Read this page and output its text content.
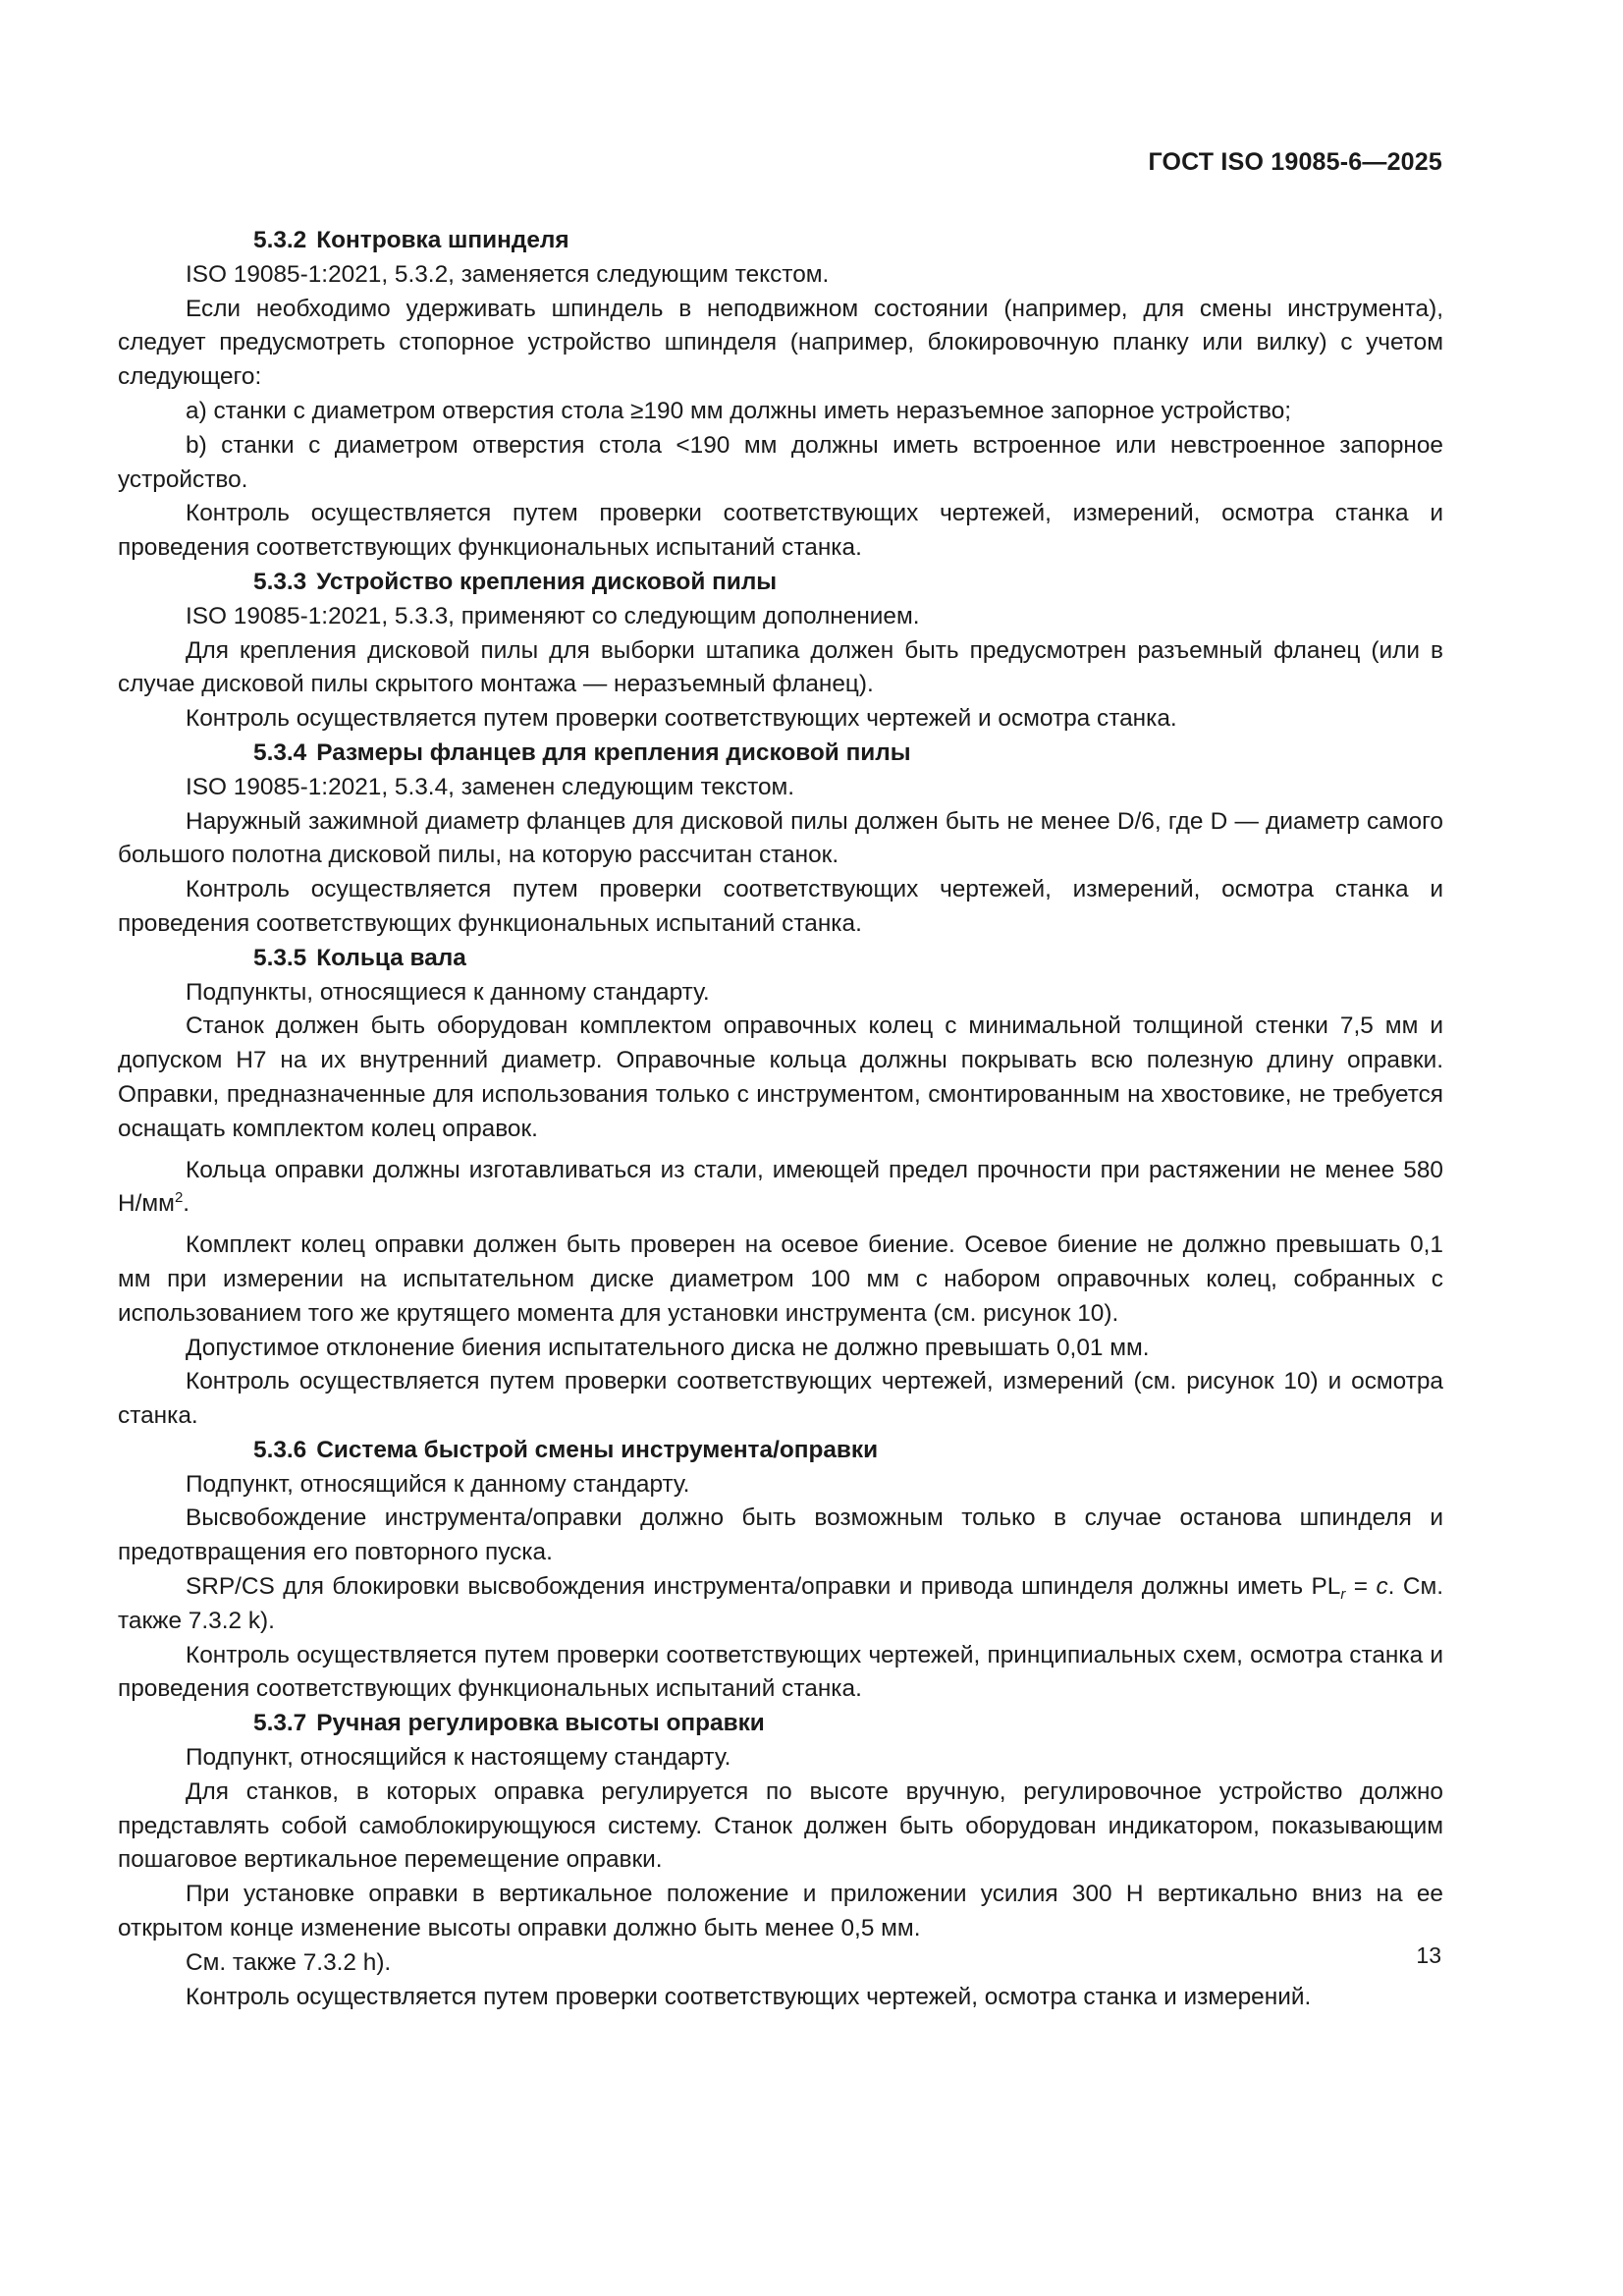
ГОСТ ISO 19085-6—2025

5.3.2 Контровка шпинделя

ISO 19085-1:2021, 5.3.2, заменяется следующим текстом.

Если необходимо удерживать шпиндель в неподвижном состоянии (например, для смены инструмента), следует предусмотреть стопорное устройство шпинделя (например, блокировочную планку или вилку) с учетом следующего:

a) станки с диаметром отверстия стола ≥190 мм должны иметь неразъемное запорное устройство;

b) станки с диаметром отверстия стола <190 мм должны иметь встроенное или невстроенное запорное устройство.

Контроль осуществляется путем проверки соответствующих чертежей, измерений, осмотра станка и проведения соответствующих функциональных испытаний станка.

5.3.3 Устройство крепления дисковой пилы

ISO 19085-1:2021, 5.3.3, применяют со следующим дополнением.

Для крепления дисковой пилы для выборки штапика должен быть предусмотрен разъемный фланец (или в случае дисковой пилы скрытого монтажа — неразъемный фланец).

Контроль осуществляется путем проверки соответствующих чертежей и осмотра станка.

5.3.4 Размеры фланцев для крепления дисковой пилы

ISO 19085-1:2021, 5.3.4, заменен следующим текстом.

Наружный зажимной диаметр фланцев для дисковой пилы должен быть не менее D/6, где D — диаметр самого большого полотна дисковой пилы, на которую рассчитан станок.

Контроль осуществляется путем проверки соответствующих чертежей, измерений, осмотра станка и проведения соответствующих функциональных испытаний станка.

5.3.5 Кольца вала

Подпункты, относящиеся к данному стандарту.

Станок должен быть оборудован комплектом оправочных колец с минимальной толщиной стенки 7,5 мм и допуском H7 на их внутренний диаметр. Оправочные кольца должны покрывать всю полезную длину оправки. Оправки, предназначенные для использования только с инструментом, смонтированным на хвостовике, не требуется оснащать комплектом колец оправок.

Кольца оправки должны изготавливаться из стали, имеющей предел прочности при растяжении не менее 580 $Н/мм^2$.

Комплект колец оправки должен быть проверен на осевое биение. Осевое биение не должно превышать 0,1 мм при измерении на испытательном диске диаметром 100 мм с набором оправочных колец, собранных с использованием того же крутящего момента для установки инструмента (см. рисунок 10).

Допустимое отклонение биения испытательного диска не должно превышать 0,01 мм.

Контроль осуществляется путем проверки соответствующих чертежей, измерений (см. рисунок 10) и осмотра станка.

5.3.6 Система быстрой смены инструмента/оправки

Подпункт, относящийся к данному стандарту.

Высвобождение инструмента/оправки должно быть возможным только в случае останова шпинделя и предотвращения его повторного пуска.

SRP/CS для блокировки высвобождения инструмента/оправки и привода шпинделя должны иметь $PL_r = c$. См. также 7.3.2 k).

Контроль осуществляется путем проверки соответствующих чертежей, принципиальных схем, осмотра станка и проведения соответствующих функциональных испытаний станка.

5.3.7 Ручная регулировка высоты оправки

Подпункт, относящийся к настоящему стандарту.

Для станков, в которых оправка регулируется по высоте вручную, регулировочное устройство должно представлять собой самоблокирующуюся систему. Станок должен быть оборудован индикатором, показывающим пошаговое вертикальное перемещение оправки.

При установке оправки в вертикальное положение и приложении усилия 300 Н вертикально вниз на ее открытом конце изменение высоты оправки должно быть менее 0,5 мм.

См. также 7.3.2 h).

Контроль осуществляется путем проверки соответствующих чертежей, осмотра станка и измерений.

13
